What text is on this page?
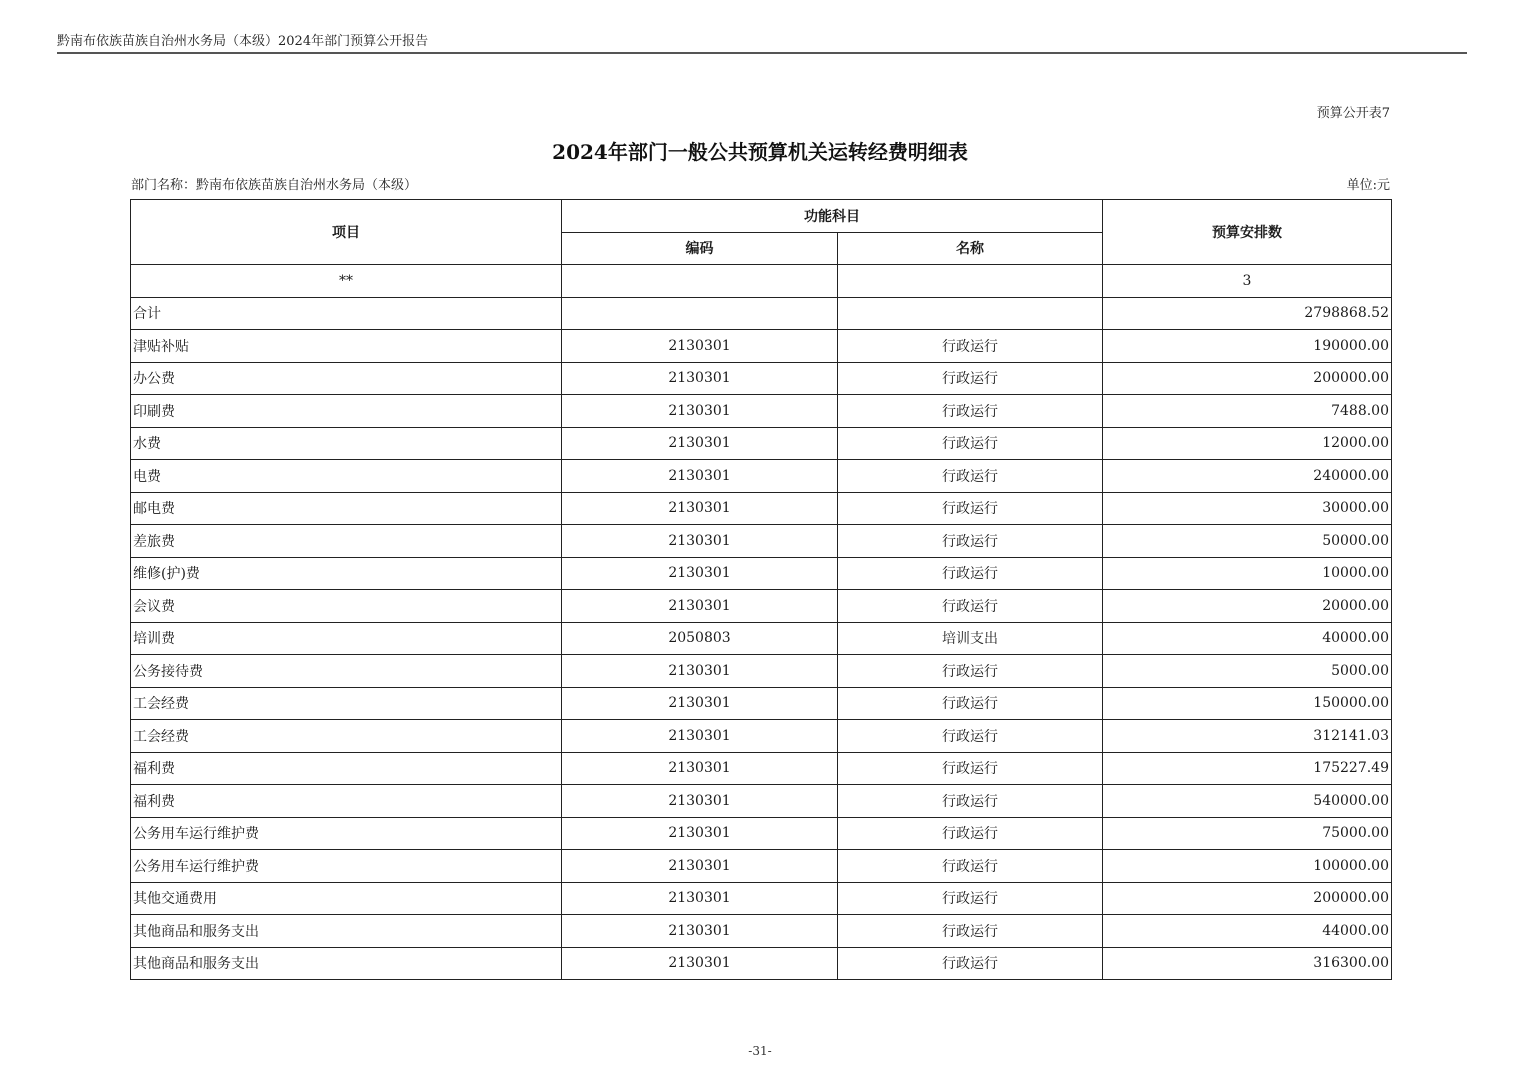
黔南布依族苗族自治州水务局（本级）2024年部门预算公开报告
预算公开表7
2024年部门一般公共预算机关运转经费明细表
部门名称：黔南布依族苗族自治州水务局（本级）	单位:元
项目	功能科目		预算安排数
	编码	名称	
**			3
合计			2798868.52
津贴补贴	2130301	行政运行	190000.00
办公费	2130301	行政运行	200000.00
印刷费	2130301	行政运行	7488.00
水费	2130301	行政运行	12000.00
电费	2130301	行政运行	240000.00
邮电费	2130301	行政运行	30000.00
差旅费	2130301	行政运行	50000.00
维修(护)费	2130301	行政运行	10000.00
会议费	2130301	行政运行	20000.00
培训费	2050803	培训支出	40000.00
公务接待费	2130301	行政运行	5000.00
工会经费	2130301	行政运行	150000.00
工会经费	2130301	行政运行	312141.03
福利费	2130301	行政运行	175227.49
福利费	2130301	行政运行	540000.00
公务用车运行维护费	2130301	行政运行	75000.00
公务用车运行维护费	2130301	行政运行	100000.00
其他交通费用	2130301	行政运行	200000.00
其他商品和服务支出	2130301	行政运行	44000.00
其他商品和服务支出	2130301	行政运行	316300.00
-31-
